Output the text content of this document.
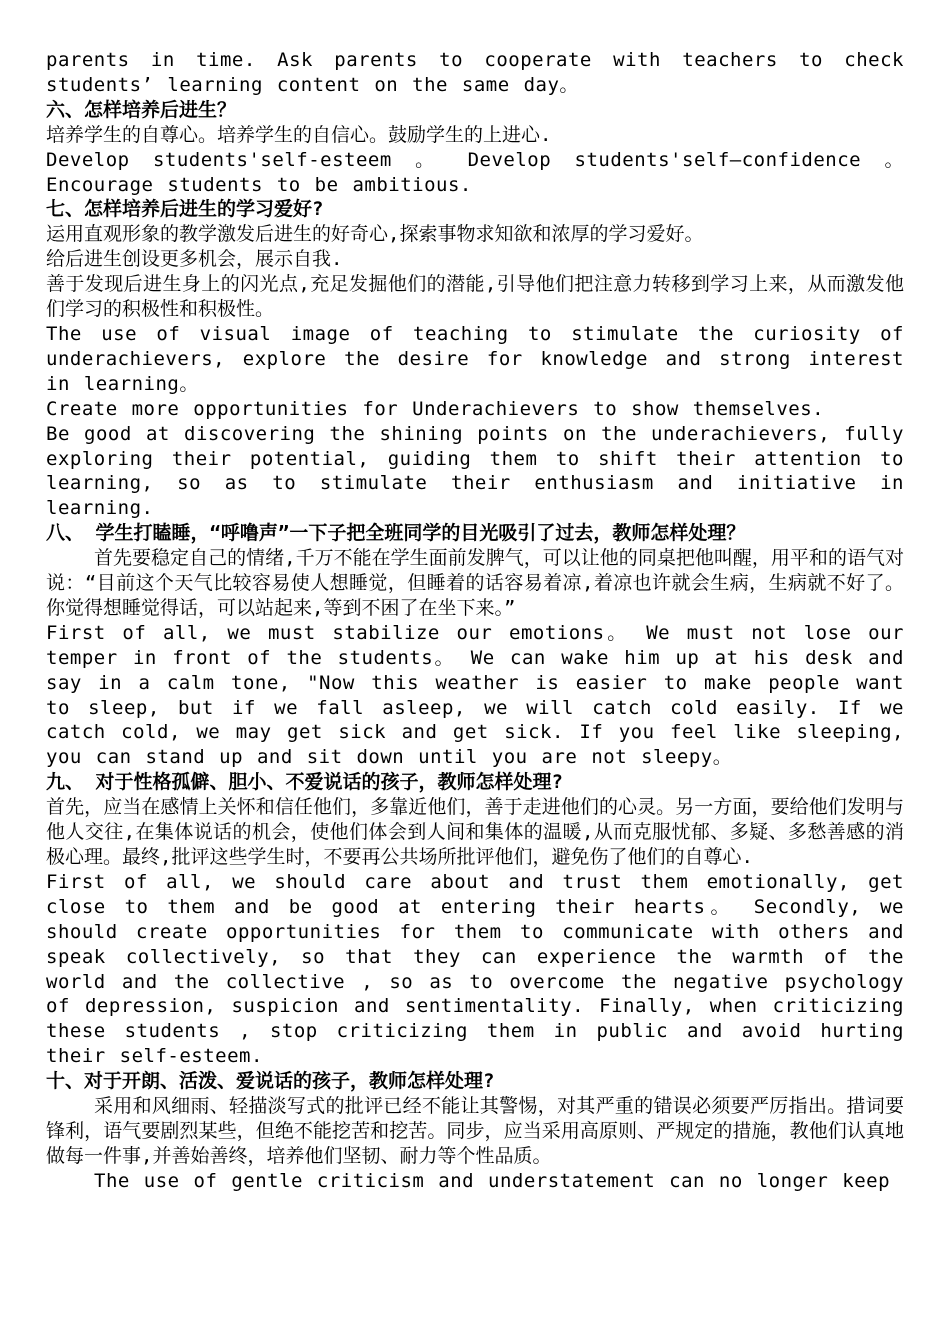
parents in time. Ask parents to cooperate with teachers to check students’ learning content on the same day。

六、怎样培养后进生？

培养学生的自尊心。培养学生的自信心。鼓励学生的上进心.

Develop students'self-esteem 。 Develop students'self—confidence 。 Encourage students to be ambitious.

七、怎样培养后进生的学习爱好?

运用直观形象的教学激发后进生的好奇心,探索事物求知欲和浓厚的学习爱好。

给后进生创设更多机会，展示自我.

善于发现后进生身上的闪光点,充足发掘他们的潜能,引导他们把注意力转移到学习上来，从而激发他们学习的积极性和积极性。

The use of visual image of teaching to stimulate the curiosity of underachievers, explore the desire for knowledge and strong interest in learning。

Create more opportunities for Underachievers to show themselves.

Be good at discovering the shining points on the underachievers, fully exploring their potential, guiding them to shift their attention to learning, so as to stimulate their enthusiasm and initiative in learning.

八、 学生打瞌睡，“呼噜声”一下子把全班同学的目光吸引了过去，教师怎样处理？

首先要稳定自己的情绪,千万不能在学生面前发脾气，可以让他的同桌把他叫醒，用平和的语气对说：“目前这个天气比较容易使人想睡觉，但睡着的话容易着凉,着凉也许就会生病，生病就不好了。你觉得想睡觉得话，可以站起来,等到不困了在坐下来。”

First of all, we must stabilize our emotions。 We must not lose our temper in front of the students。 We can wake him up at his desk and say in a calm tone, "Now this weather is easier to make people want to sleep, but if we fall asleep, we will catch cold easily. If we catch cold, we may get sick and get sick. If you feel like sleeping, you can stand up and sit down until you are not sleepy。

九、 对于性格孤僻、胆小、不爱说话的孩子，教师怎样处理?

首先，应当在感情上关怀和信任他们，多靠近他们，善于走进他们的心灵。另一方面，要给他们发明与他人交往,在集体说话的机会，使他们体会到人间和集体的温暖,从而克服忧郁、多疑、多愁善感的消极心理。最终,批评这些学生时，不要再公共场所批评他们，避免伤了他们的自尊心.

First of all, we should care about and trust them emotionally, get close to them and be good at entering their hearts。 Secondly, we should create opportunities for them to communicate with others and speak collectively, so that they can experience the warmth of the world and the collective , so as to overcome the negative psychology of depression, suspicion and sentimentality. Finally, when criticizing these students , stop criticizing them in public and avoid hurting their self-esteem.

十、对于开朗、活泼、爱说话的孩子，教师怎样处理?

采用和风细雨、轻描淡写式的批评已经不能让其警惕，对其严重的错误必须要严厉指出。措词要锋利，语气要剧烈某些，但绝不能挖苦和挖苦。同步，应当采用高原则、严规定的措施，教他们认真地做每一件事,并善始善终，培养他们坚韧、耐力等个性品质。

The use of gentle criticism and understatement can no longer keep
